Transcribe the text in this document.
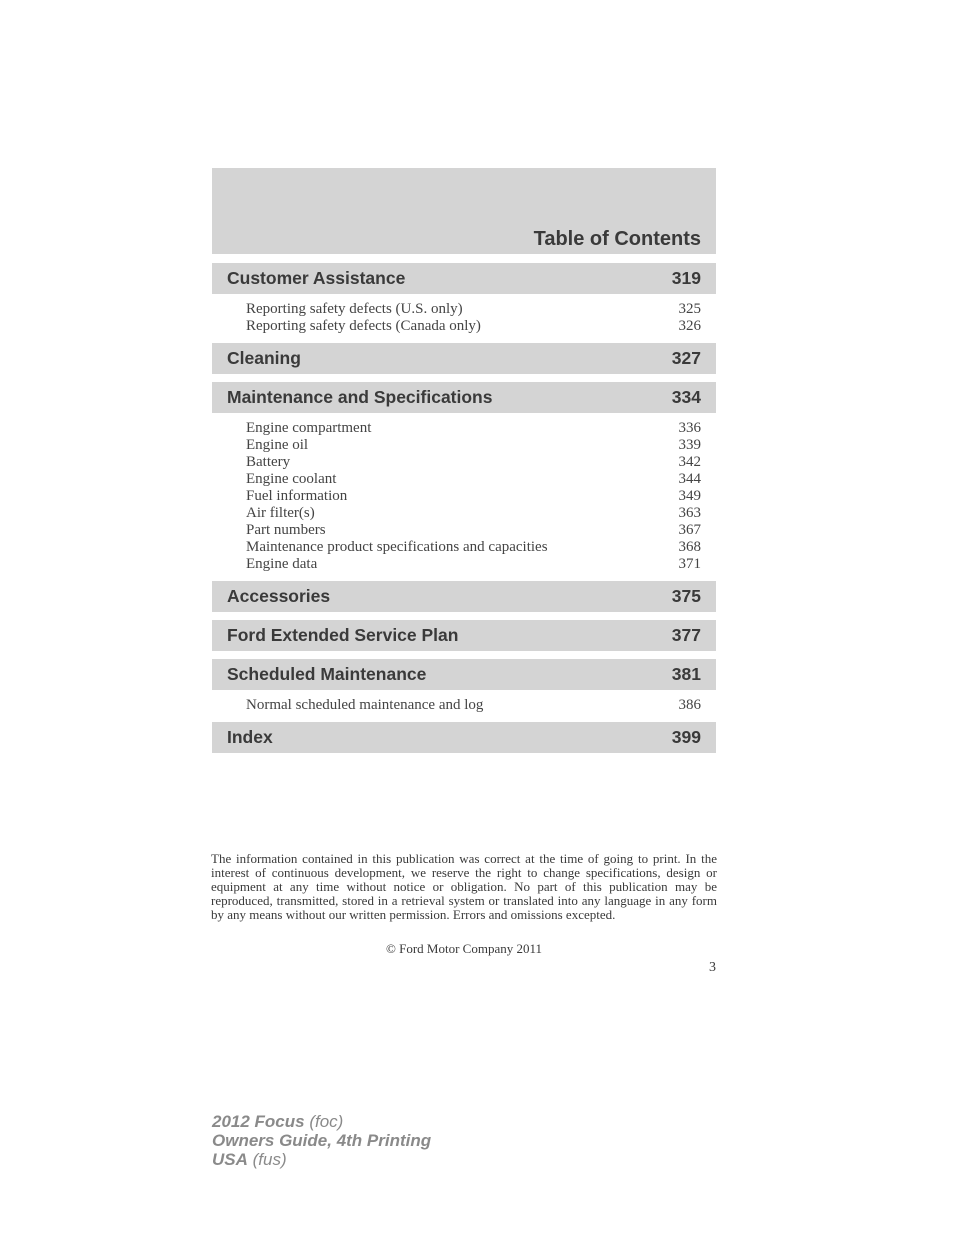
Table of Contents
Customer Assistance	319
Reporting safety defects (U.S. only)	325
Reporting safety defects (Canada only)	326
Cleaning	327
Maintenance and Specifications	334
Engine compartment	336
Engine oil	339
Battery	342
Engine coolant	344
Fuel information	349
Air filter(s)	363
Part numbers	367
Maintenance product specifications and capacities	368
Engine data	371
Accessories	375
Ford Extended Service Plan	377
Scheduled Maintenance	381
Normal scheduled maintenance and log	386
Index	399
The information contained in this publication was correct at the time of going to print. In the interest of continuous development, we reserve the right to change specifications, design or equipment at any time without notice or obligation. No part of this publication may be reproduced, transmitted, stored in a retrieval system or translated into any language in any form by any means without our written permission. Errors and omissions excepted.
© Ford Motor Company 2011
3
2012 Focus (foc)
Owners Guide, 4th Printing
USA (fus)
